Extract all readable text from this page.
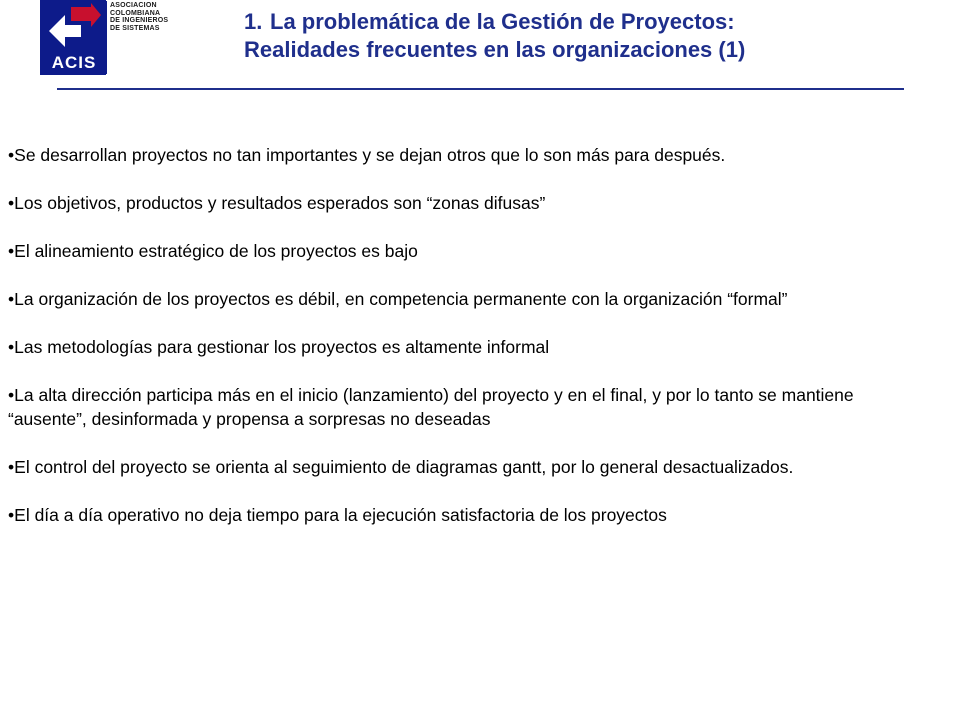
ACIS
ASOCIACION
COLOMBIANA
DE INGENIEROS
DE SISTEMAS	1. La problemática de la Gestión de Proyectos:
Realidades frecuentes en las organizaciones (1)
•Se desarrollan proyectos no tan importantes y se dejan otros que lo son más para después.
•Los objetivos, productos y resultados esperados son “zonas difusas”
•El alineamiento estratégico de los proyectos es bajo
•La organización de los proyectos es débil, en competencia permanente con la organización “formal”
•Las metodologías para gestionar los proyectos es altamente informal
•La alta dirección participa más en el inicio (lanzamiento) del proyecto y en el final, y por lo tanto se mantiene “ausente”, desinformada y propensa a sorpresas no deseadas
•El control del proyecto se orienta al seguimiento de diagramas gantt, por lo general desactualizados.
•El día a día operativo no deja tiempo para la ejecución satisfactoria de los proyectos
